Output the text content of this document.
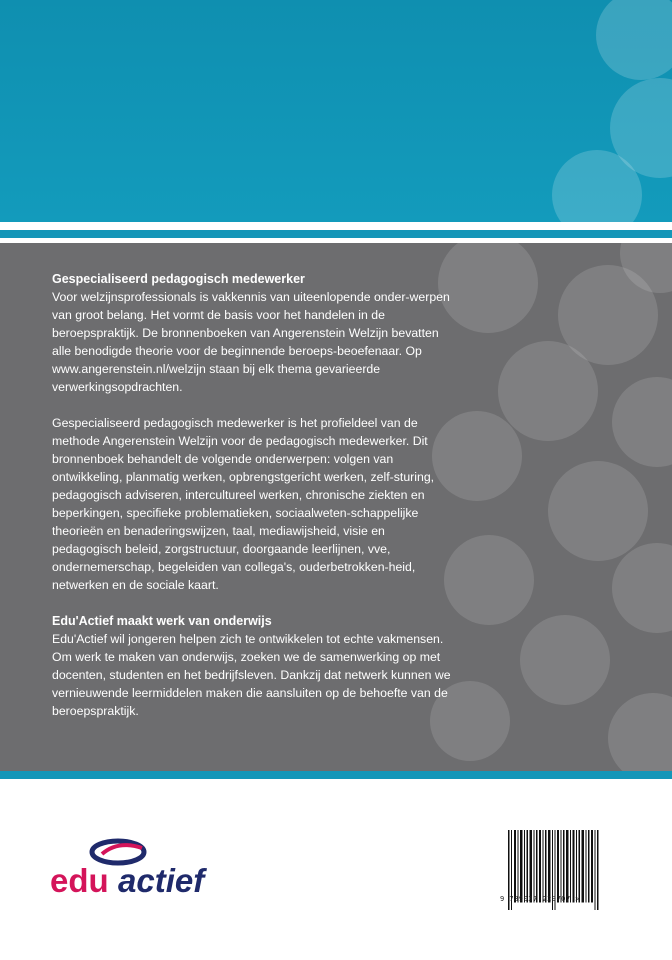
Gespecialiseerd pedagogisch medewerker

Voor welzijnsprofessionals is vakkennis van uiteenlopende onder-werpen van groot belang. Het vormt de basis voor het handelen in de beroepspraktijk. De bronnenboeken van Angerenstein Welzijn bevatten alle benodigde theorie voor de beginnende beroeps-beoefenaar. Op www.angerenstein.nl/welzijn staan bij elk thema gevarieerde verwerkingsopdrachten.

Gespecialiseerd pedagogisch medewerker is het profieldeel van de methode Angerenstein Welzijn voor de pedagogisch medewerker. Dit bronnenboek behandelt de volgende onderwerpen: volgen van ontwikkeling, planmatig werken, opbrengstgericht werken, zelf-sturing, pedagogisch adviseren, intercultureel werken, chronische ziekten en beperkingen, specifieke problematieken, sociaalweten-schappelijke theorieën en benaderingswijzen, taal, mediawijsheid, visie en pedagogisch beleid, zorgstructuur, doorgaande leerlijnen, vve, ondernemerschap, begeleiden van collega's, ouderbetrokken-heid, netwerken en de sociale kaart.

Edu'Actief maakt werk van onderwijs

Edu'Actief wil jongeren helpen zich te ontwikkelen tot echte vakmensen. Om werk te maken van onderwijs, zoeken we de samenwerking op met docenten, studenten en het bedrijfsleven. Dankzij dat netwerk kunnen we vernieuwende leermiddelen maken die aansluiten op de behoefte van de beroepspraktijk.

edu actief	9 789037 229707 >
